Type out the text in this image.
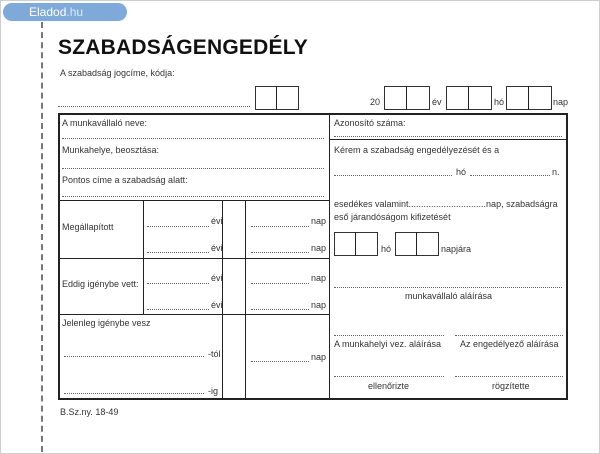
Eladod.hu
SZABADSÁGENGEDÉLY
A szabadság jogcíme, kódja:
20	év	hó	nap
A munkavállaló neve:
Munkahelye, beosztása:
Pontos címe a szabadság alatt:
Megállapított
évi	nap
évi	nap
Eddig igénybe vett:
évi	nap
évi	nap
Jelenleg igénybe vesz
-tól
-ig
nap
Azonosító száma:
Kérem a szabadság engedélyezését és a
hó	n.
esedékes valamint...............................nap, szabadságra
eső járandóságom kifizetését
hó	napjára
munkavállaló aláírása
A munkahelyi vez. aláírása Az engedélyező aláírása
ellenőrizte	rögzítette
B.Sz.ny. 18-49
